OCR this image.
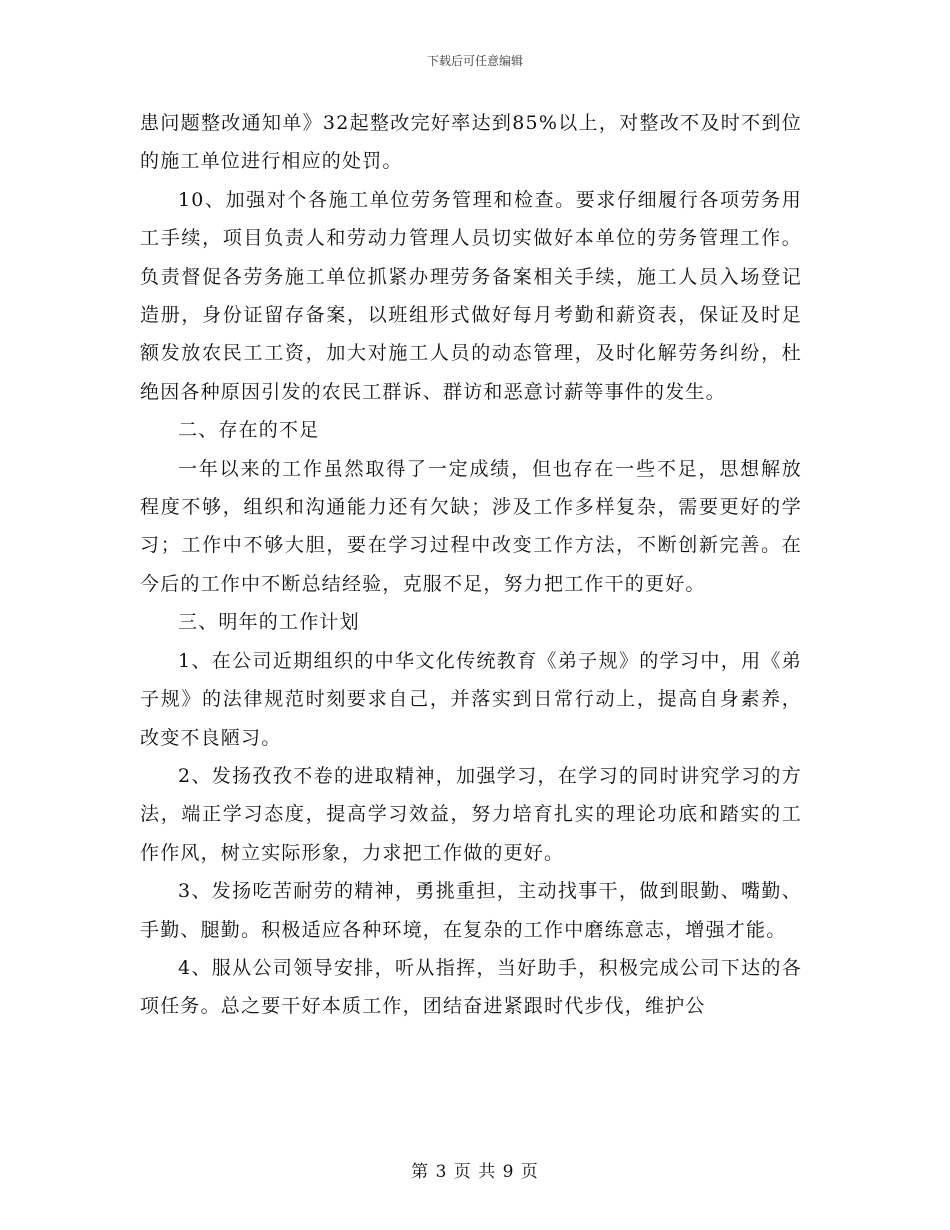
下载后可任意编辑

患问题整改通知单》32起整改完好率达到85%以上，对整改不及时不到位的施工单位进行相应的处罚。

10、加强对个各施工单位劳务管理和检查。要求仔细履行各项劳务用工手续，项目负责人和劳动力管理人员切实做好本单位的劳务管理工作。负责督促各劳务施工单位抓紧办理劳务备案相关手续，施工人员入场登记造册，身份证留存备案，以班组形式做好每月考勤和薪资表，保证及时足额发放农民工工资，加大对施工人员的动态管理，及时化解劳务纠纷，杜绝因各种原因引发的农民工群诉、群访和恶意讨薪等事件的发生。

二、存在的不足

一年以来的工作虽然取得了一定成绩，但也存在一些不足，思想解放程度不够，组织和沟通能力还有欠缺；涉及工作多样复杂，需要更好的学习；工作中不够大胆，要在学习过程中改变工作方法，不断创新完善。在今后的工作中不断总结经验，克服不足，努力把工作干的更好。

三、明年的工作计划

1、在公司近期组织的中华文化传统教育《弟子规》的学习中，用《弟子规》的法律规范时刻要求自己，并落实到日常行动上，提高自身素养，改变不良陋习。

2、发扬孜孜不卷的进取精神，加强学习，在学习的同时讲究学习的方法，端正学习态度，提高学习效益，努力培育扎实的理论功底和踏实的工作作风，树立实际形象，力求把工作做的更好。

3、发扬吃苦耐劳的精神，勇挑重担，主动找事干，做到眼勤、嘴勤、手勤、腿勤。积极适应各种环境，在复杂的工作中磨练意志，增强才能。

4、服从公司领导安排，听从指挥，当好助手，积极完成公司下达的各项任务。总之要干好本质工作，团结奋进紧跟时代步伐，维护公

第 3 页 共 9 页
